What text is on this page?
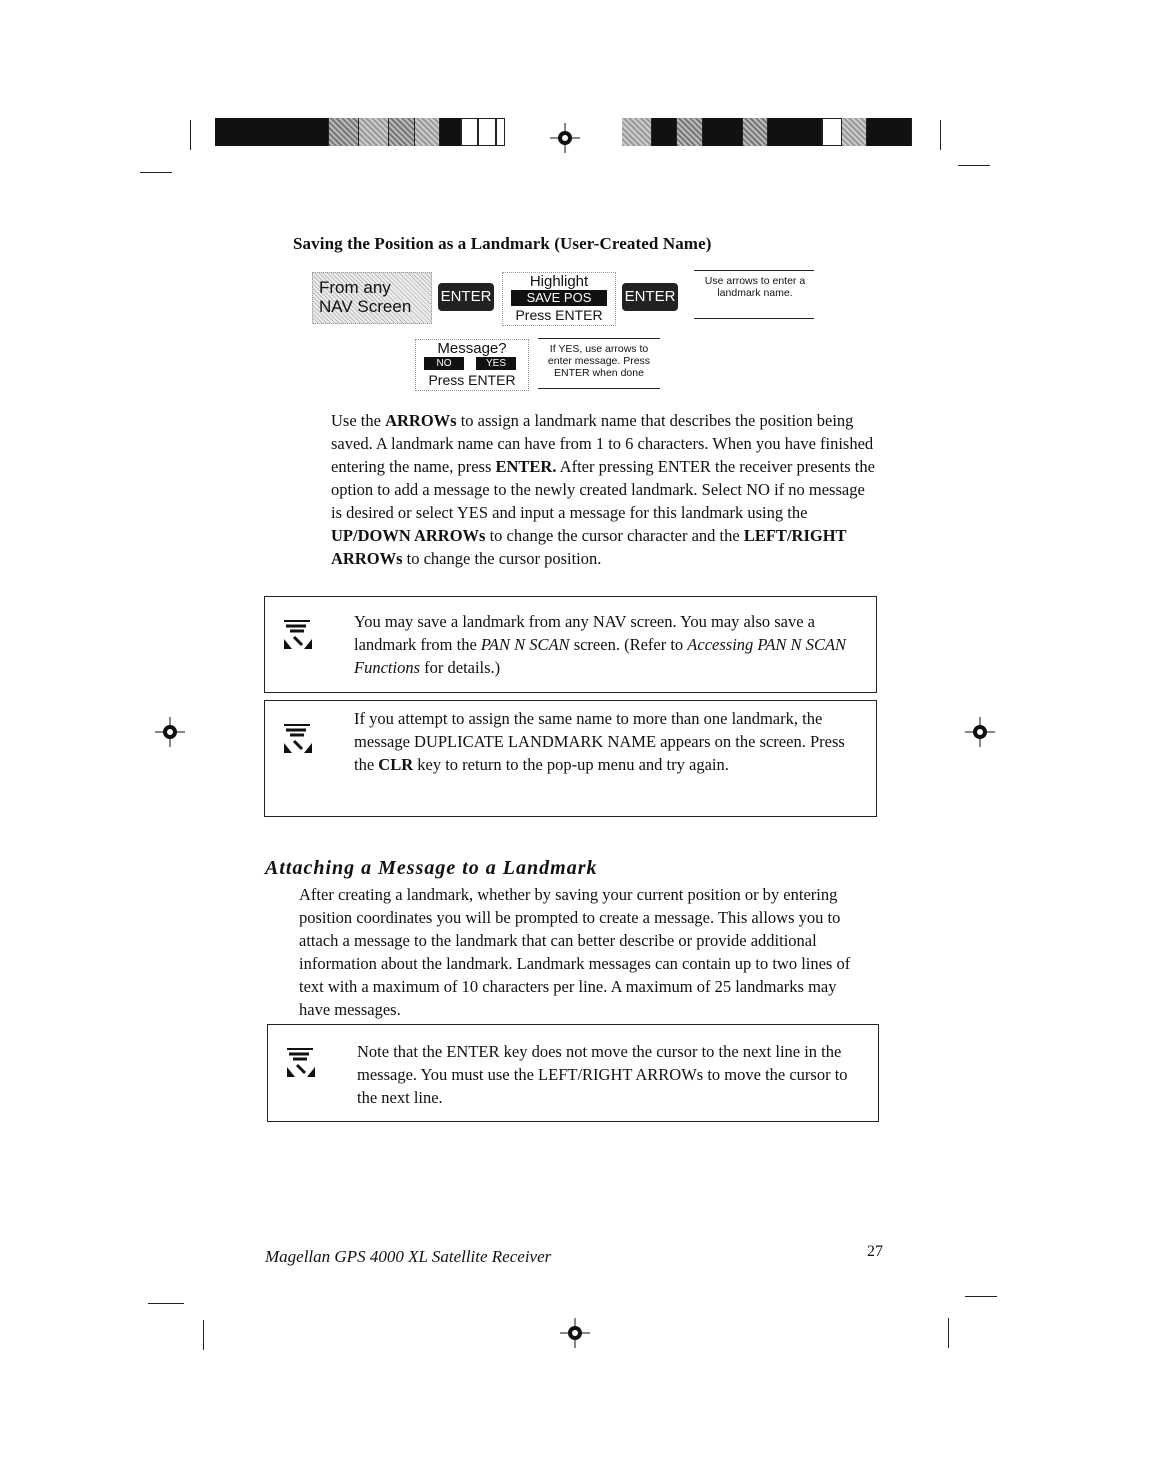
Saving the Position as a Landmark (User-Created Name)
From any
NAV Screen
ENTER
Highlight
SAVE POS
Press ENTER
ENTER
Use arrows to enter a landmark name.
Message?
NO	YES
Press ENTER
If YES, use arrows to enter message. Press ENTER when done
Use the ARROWs to assign a landmark name that describes the position being saved. A landmark name can have from 1 to 6 characters. When you have finished entering the name, press ENTER. After pressing ENTER the receiver presents the option to add a message to the newly created landmark. Select NO if no message is desired or select YES and input a message for this landmark using the UP/DOWN ARROWs to change the cursor character and the LEFT/RIGHT ARROWs to change the cursor position.
You may save a landmark from any NAV screen. You may also save a landmark from the PAN N SCAN screen. (Refer to Accessing PAN N SCAN Functions for details.)
If you attempt to assign the same name to more than one landmark, the message DUPLICATE LANDMARK NAME appears on the screen. Press the CLR key to return to the pop-up menu and try again.
Attaching a Message to a Landmark
After creating a landmark, whether by saving your current position or by entering position coordinates you will be prompted to create a message. This allows you to attach a message to the landmark that can better describe or provide additional information about the landmark. Landmark messages can contain up to two lines of text with a maximum of 10 characters per line. A maximum of 25 landmarks may have messages.
Note that the ENTER key does not move the cursor to the next line in the message. You must use the LEFT/RIGHT ARROWs to move the cursor to the next line.
Magellan GPS 4000 XL Satellite Receiver	27
